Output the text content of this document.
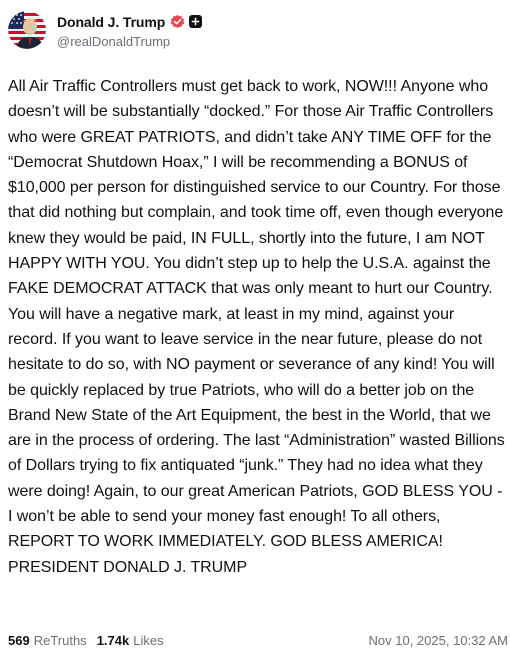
Donald J. Trump
@realDonaldTrump

All Air Traffic Controllers must get back to work, NOW!!! Anyone who doesn’t will be substantially “docked.” For those Air Traffic Controllers who were GREAT PATRIOTS, and didn’t take ANY TIME OFF for the “Democrat Shutdown Hoax,” I will be recommending a BONUS of $10,000 per person for distinguished service to our Country. For those that did nothing but complain, and took time off, even though everyone knew they would be paid, IN FULL, shortly into the future, I am NOT HAPPY WITH YOU. You didn’t step up to help the U.S.A. against the FAKE DEMOCRAT ATTACK that was only meant to hurt our Country. You will have a negative mark, at least in my mind, against your record. If you want to leave service in the near future, please do not hesitate to do so, with NO payment or severance of any kind! You will be quickly replaced by true Patriots, who will do a better job on the Brand New State of the Art Equipment, the best in the World, that we are in the process of ordering. The last “Administration” wasted Billions of Dollars trying to fix antiquated “junk.” They had no idea what they were doing! Again, to our great American Patriots, GOD BLESS YOU - I won’t be able to send your money fast enough! To all others, REPORT TO WORK IMMEDIATELY. GOD BLESS AMERICA! PRESIDENT DONALD J. TRUMP

569 ReTruths 1.74k Likes	Nov 10, 2025, 10:32 AM
